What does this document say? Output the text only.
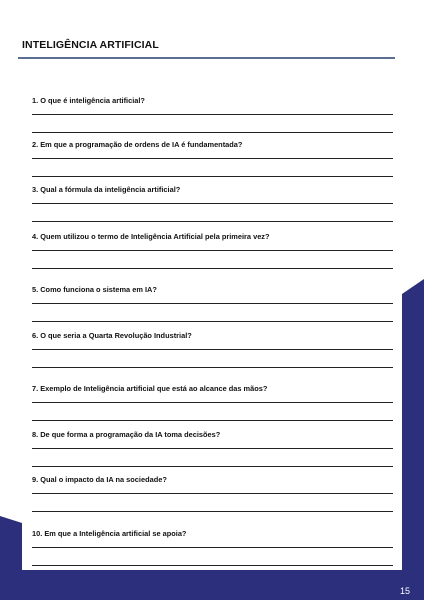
INTELIGÊNCIA ARTIFICIAL
1. O que é inteligência artificial?
2. Em que a programação de ordens de IA é fundamentada?
3. Qual a fórmula da inteligência artificial?
4. Quem utilizou o termo de Inteligência Artificial pela primeira vez?
5. Como funciona o sistema em IA?
6. O que seria a Quarta Revolução Industrial?
7. Exemplo de Inteligência artificial que está ao alcance das mãos?
8. De que forma a programação da IA toma decisões?
9. Qual o impacto da IA na sociedade?
10. Em que a Inteligência artificial se apoia?
15
